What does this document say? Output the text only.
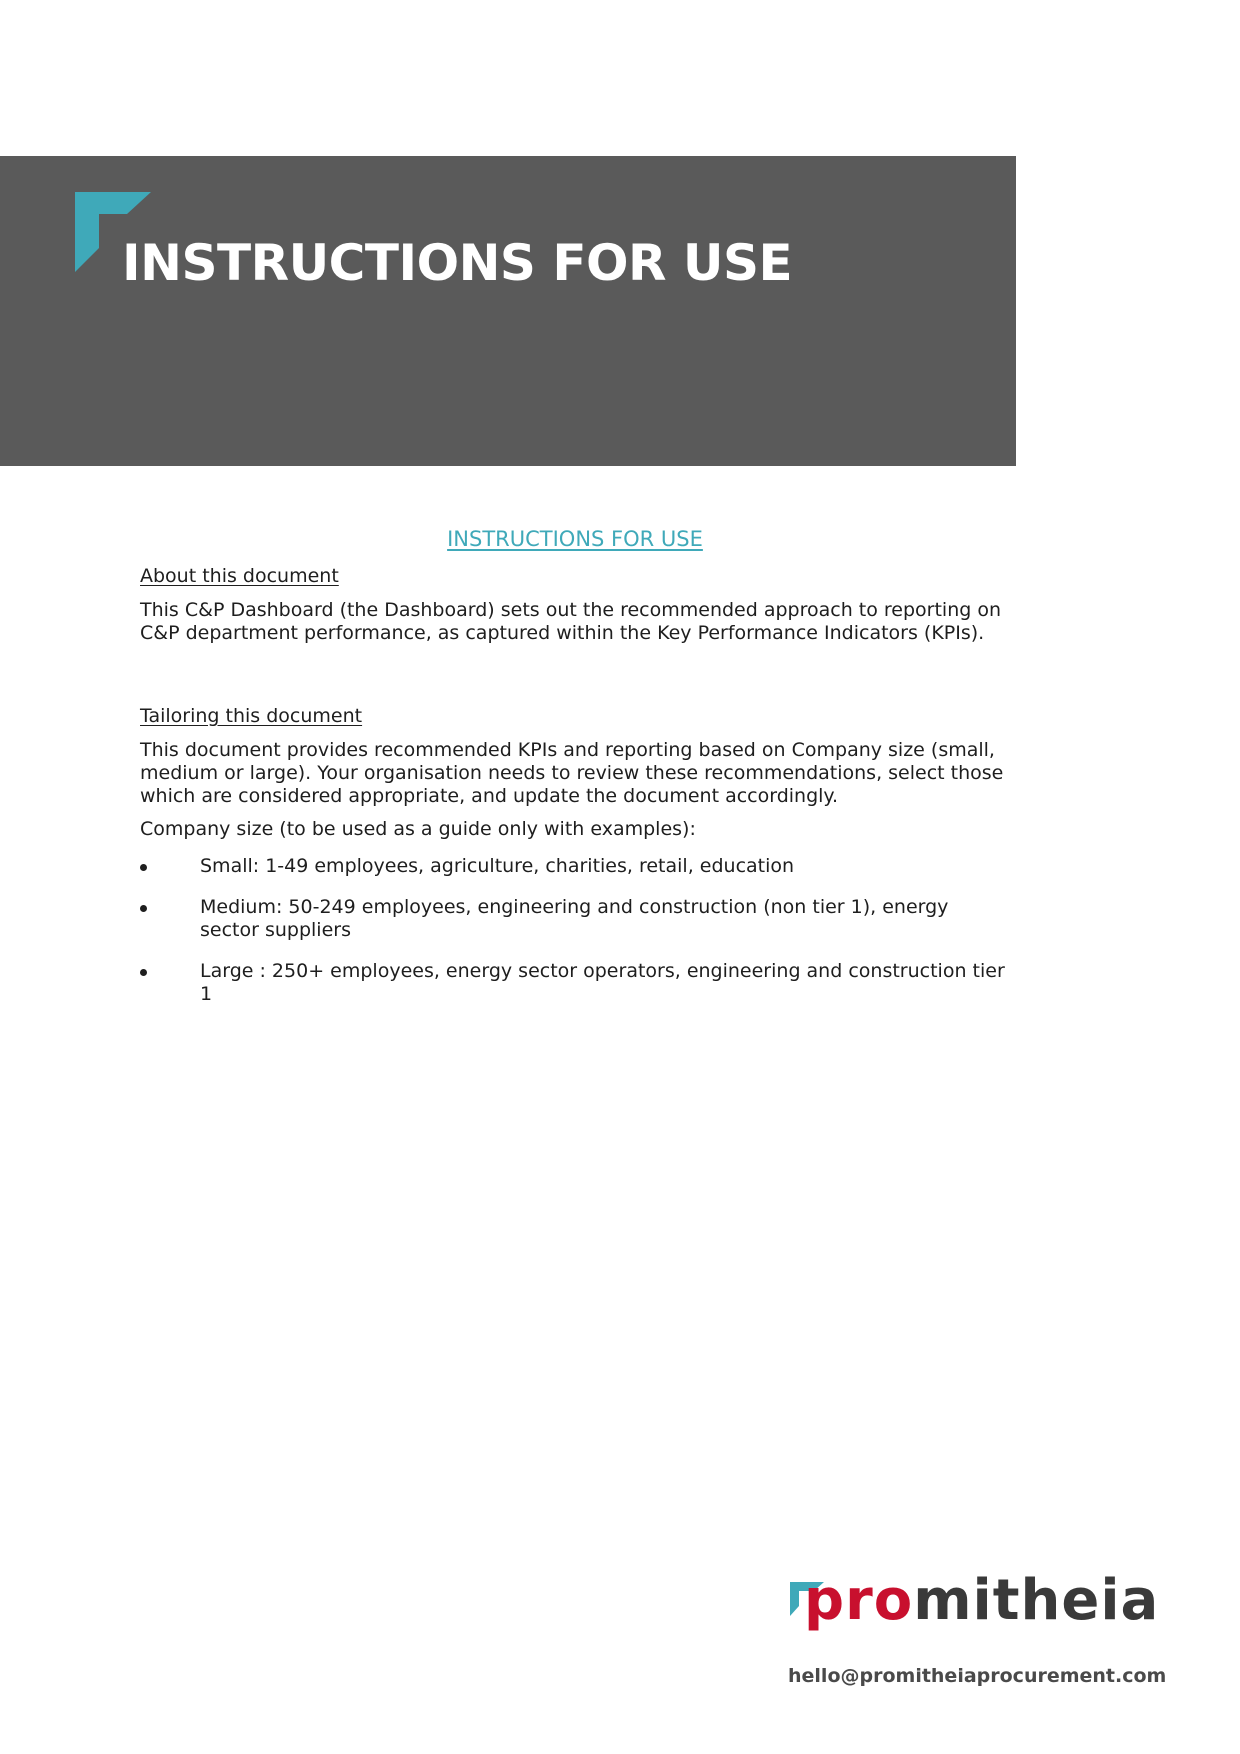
INSTRUCTIONS FOR USE
INSTRUCTIONS FOR USE
About this document

This C&P Dashboard (the Dashboard) sets out the recommended approach to reporting on C&P department performance, as captured within the Key Performance Indicators (KPIs).

Tailoring this document

This document provides recommended KPIs and reporting based on Company size (small, medium or large). Your organisation needs to review these recommendations, select those which are considered appropriate, and update the document accordingly.

Company size (to be used as a guide only with examples):

Small: 1-49 employees, agriculture, charities, retail, education
Medium: 50-249 employees, engineering and construction (non tier 1), energy sector suppliers
Large : 250+ employees, energy sector operators, engineering and construction tier 1
promitheia
hello@promitheiaprocurement.com
